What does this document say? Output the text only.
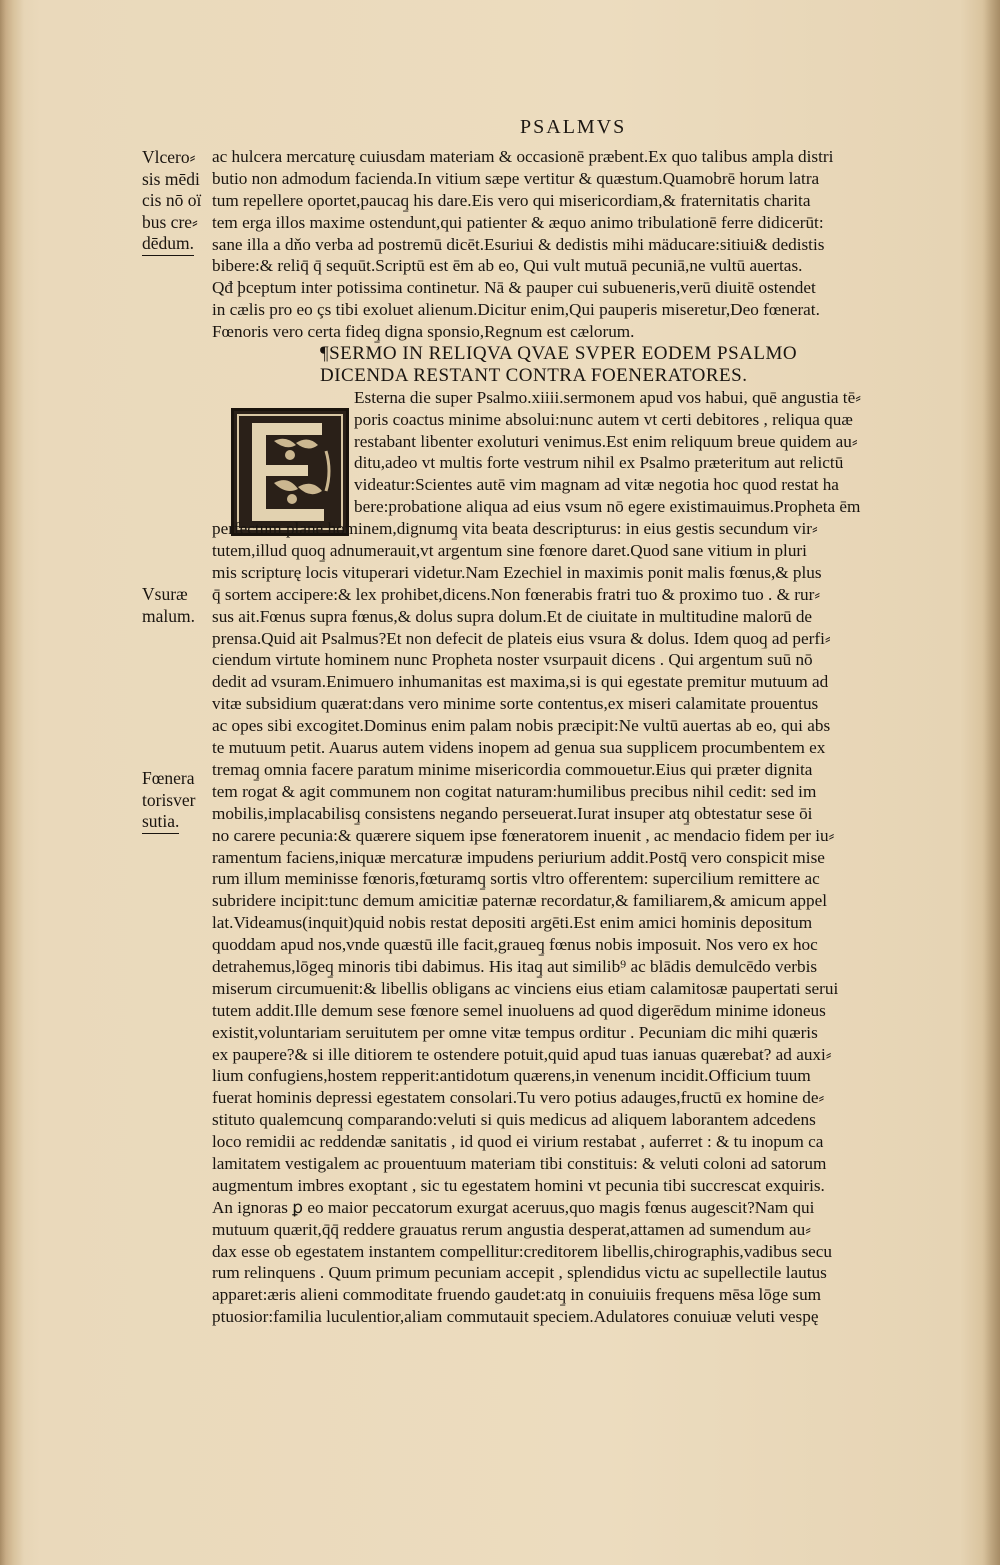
PSALMVS
Vlcero⸗
sis mēdi
cis nō oï
bus cre⸗
dēdum.
Vsuræ
malum.
Fœnera
torisver
sutia.
ac hulcera mercaturę cuiusdam materiam & occasionē præbent.Ex quo talibus ampla distri
butio non admodum facienda.In vitium sæpe vertitur & quæstum.Quamobrē horum latra
tum repellere oportet,paucaq̱ his dare.Eis vero qui misericordiam,& fraternitatis charita
tem erga illos maxime ostendunt,qui patienter & æquo animo tribulationē ferre didicerūt:
sane illa a dňo verba ad postremū dicēt.Esuriui & dedistis mihi mäducare:sitiui& dedistis
bibere:& reliq̄ q̄ sequūt.Scriptū est ēm ab eo, Qui vult mutuā pecuniā,ne vultū auertas.
Qđ þceptum inter potissima continetur. Nā & pauper cui subueneris,verū diuitē ostendet
in cælis pro eo çs tibi exoluet alienum.Dicitur enim,Qui pauperis miseretur,Deo fœnerat.
Fœnoris vero certa fideq̱ digna sponsio,Regnum est cælorum.
¶SERMO IN RELIQVA QVAE SVPER EODEM PSALMO
DICENDA RESTANT CONTRA FOENERATORES.
Esterna die super Psalmo.xiiii.sermonem apud vos habui, quē angustia tē⸗
poris coactus minime absolui:nunc autem vt certi debitores , reliqua quæ
restabant libenter exoluturi venimus.Est enim reliquum breue quidem au⸗
ditu,adeo vt multis forte vestrum nihil ex Psalmo præteritum aut relictū
videatur:Scientes autē vim magnam ad vitæ negotia hoc quod restat ha
bere:probatione aliqua ad eius vsum nō egere existimauimus.Propheta ēm
perfectum plane hominem,dignumq̱ vita beata descripturus: in eius gestis secundum vir⸗
tutem,illud quoq̱ adnumerauit,vt argentum sine fœnore daret.Quod sane vitium in pluri
mis scripturę locis vituperari videtur.Nam Ezechiel in maximis ponit malis fœnus,& plus
q̄ sortem accipere:& lex prohibet,dicens.Non fœnerabis fratri tuo & proximo tuo . & rur⸗
sus ait.Fœnus supra fœnus,& dolus supra dolum.Et de ciuitate in multitudine malorū de
prensa.Quid ait Psalmus?Et non defecit de plateis eius vsura & dolus. Idem quoq̱ ad perfi⸗
ciendum virtute hominem nunc Propheta noster vsurpauit dicens . Qui argentum suū nō
dedit ad vsuram.Enimuero inhumanitas est maxima,si is qui egestate premitur mutuum ad
vitæ subsidium quærat:dans vero minime sorte contentus,ex miseri calamitate prouentus
ac opes sibi excogitet.Dominus enim palam nobis præcipit:Ne vultū auertas ab eo, qui abs
te mutuum petit. Auarus autem videns inopem ad genua sua supplicem procumbentem ex
tremaq̱ omnia facere paratum minime misericordia commouetur.Eius qui præter dignita
tem rogat & agit communem non cogitat naturam:humilibus precibus nihil cedit: sed im
mobilis,implacabilisq̱ consistens negando perseuerat.Iurat insuper atq̱ obtestatur sese ōi
no carere pecunia:& quærere siquem ipse fœneratorem inuenit , ac mendacio fidem per iu⸗
ramentum faciens,iniquæ mercaturæ impudens periurium addit.Postq̄ vero conspicit mise
rum illum meminisse fœnoris,fœturamq̱ sortis vltro offerentem: supercilium remittere ac
subridere incipit:tunc demum amicitiæ paternæ recordatur,& familiarem,& amicum appel
lat.Videamus(inquit)quid nobis restat depositi argēti.Est enim amici hominis depositum
quoddam apud nos,vnde quæstū ille facit,graueq̱ fœnus nobis imposuit. Nos vero ex hoc
detrahemus,lōgeq̱ minoris tibi dabimus. His itaq̱ aut similib⁹ ac blādis demulcēdo verbis
miserum circumuenit:& libellis obligans ac vinciens eius etiam calamitosæ paupertati serui
tutem addit.Ille demum sese fœnore semel inuoluens ad quod digerēdum minime idoneus
existit,voluntariam seruitutem per omne vitæ tempus orditur . Pecuniam dic mihi quæris
ex paupere?& si ille ditiorem te ostendere potuit,quid apud tuas ianuas quærebat? ad auxi⸗
lium confugiens,hostem repperit:antidotum quærens,in venenum incidit.Officium tuum
fuerat hominis depressi egestatem consolari.Tu vero potius adauges,fructū ex homine de⸗
stituto qualemcunq̱ comparando:veluti si quis medicus ad aliquem laborantem adcedens
loco remidii ac reddendæ sanitatis , id quod ei virium restabat , auferret : & tu inopum ca
lamitatem vestigalem ac prouentuum materiam tibi constituis: & veluti coloni ad satorum
augmentum imbres exoptant , sic tu egestatem homini vt pecunia tibi succrescat exquiris.
An ignoras ꝑ eo maior peccatorum exurgat aceruus,quo magis fœnus augescit?Nam qui
mutuum quærit,q̄q̄ reddere grauatus rerum angustia desperat,attamen ad sumendum au⸗
dax esse ob egestatem instantem compellitur:creditorem libellis,chirographis,vadibus secu
rum relinquens . Quum primum pecuniam accepit , splendidus victu ac supellectile lautus
apparet:æris alieni commoditate fruendo gaudet:atq̱ in conuiuiis frequens mēsa lōge sum
ptuosior:familia luculentior,aliam commutauit speciem.Adulatores conuiuæ veluti vespę
